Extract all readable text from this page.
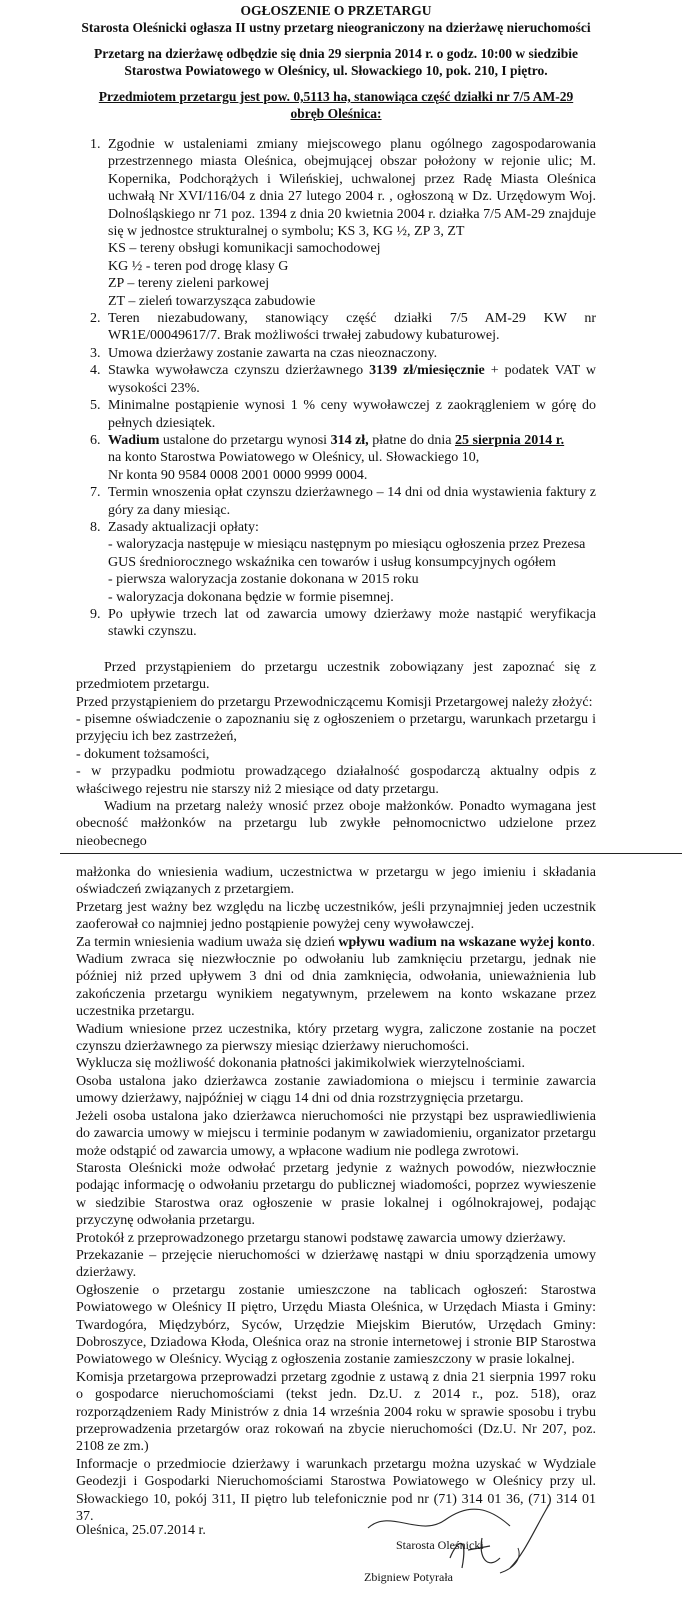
OGŁOSZENIE O PRZETARGU

Starosta Oleśnicki ogłasza II ustny przetarg nieograniczony na dzierżawę nieruchomości

Przetarg na dzierżawę odbędzie się dnia 29 sierpnia 2014 r. o godz. 10:00 w siedzibie

Starostwa Powiatowego w Oleśnicy, ul. Słowackiego 10, pok. 210, I piętro.

Przedmiotem przetargu jest pow. 0,5113 ha, stanowiąca część działki nr 7/5 AM-29

obręb Oleśnica:

1. Zgodnie w ustaleniami zmiany miejscowego planu ogólnego zagospodarowania przestrzennego miasta Oleśnica, obejmującej obszar położony w rejonie ulic; M. Kopernika, Podchorążych i Wileńskiej, uchwalonej przez Radę Miasta Oleśnica uchwałą Nr XVI/116/04 z dnia 27 lutego 2004 r. , ogłoszoną w Dz. Urzędowym Woj. Dolnośląskiego nr 71 poz. 1394 z dnia 20 kwietnia 2004 r. działka 7/5 AM-29 znajduje się w jednostce strukturalnej o symbolu; KS 3, KG ½, ZP 3, ZT
KS – tereny obsługi komunikacji samochodowej
KG ½ - teren pod drogę klasy G
ZP – tereny zieleni parkowej
ZT – zieleń towarzysząca zabudowie
2. Teren niezabudowany, stanowiący część działki 7/5 AM-29 KW nr WR1E/00049617/7. Brak możliwości trwałej zabudowy kubaturowej.
3. Umowa dzierżawy zostanie zawarta na czas nieoznaczony.
4. Stawka wywoławcza czynszu dzierżawnego 3139 zł/miesięcznie + podatek VAT w wysokości 23%.
5. Minimalne postąpienie wynosi 1 % ceny wywoławczej z zaokrągleniem w górę do pełnych dziesiątek.
6. Wadium ustalone do przetargu wynosi 314 zł, płatne do dnia 25 sierpnia 2014 r.
na konto Starostwa Powiatowego w Oleśnicy, ul. Słowackiego 10,
Nr konta 90 9584 0008 2001 0000 9999 0004.
7. Termin wnoszenia opłat czynszu dzierżawnego – 14 dni od dnia wystawienia faktury z góry za dany miesiąc.
8. Zasady aktualizacji opłaty:
- waloryzacja następuje w miesiącu następnym po miesiącu ogłoszenia przez Prezesa GUS średniorocznego wskaźnika cen towarów i usług konsumpcyjnych ogółem
- pierwsza waloryzacja zostanie dokonana w 2015 roku
- waloryzacja dokonana będzie w formie pisemnej.
9. Po upływie trzech lat od zawarcia umowy dzierżawy może nastąpić weryfikacja stawki czynszu.

Przed przystąpieniem do przetargu uczestnik zobowiązany jest zapoznać się z przedmiotem przetargu.

Przed przystąpieniem do przetargu Przewodniczącemu Komisji Przetargowej należy złożyć:

- pisemne oświadczenie o zapoznaniu się z ogłoszeniem o przetargu, warunkach przetargu i przyjęciu ich bez zastrzeżeń,

- dokument tożsamości,

- w przypadku podmiotu prowadzącego działalność gospodarczą aktualny odpis z właściwego rejestru nie starszy niż 2 miesiące od daty przetargu.

Wadium na przetarg należy wnosić przez oboje małżonków. Ponadto wymagana jest obecność małżonków na przetargu lub zwykłe pełnomocnictwo udzielone przez nieobecnego

małżonka do wniesienia wadium, uczestnictwa w przetargu w jego imieniu i składania oświadczeń związanych z przetargiem.

Przetarg jest ważny bez względu na liczbę uczestników, jeśli przynajmniej jeden uczestnik zaoferował co najmniej jedno postąpienie powyżej ceny wywoławczej.

Za termin wniesienia wadium uważa się dzień wpływu wadium na wskazane wyżej konto.

Wadium zwraca się niezwłocznie po odwołaniu lub zamknięciu przetargu, jednak nie później niż przed upływem 3 dni od dnia zamknięcia, odwołania, unieważnienia lub zakończenia przetargu wynikiem negatywnym, przelewem na konto wskazane przez uczestnika przetargu.

Wadium wniesione przez uczestnika, który przetarg wygra, zaliczone zostanie na poczet czynszu dzierżawnego za pierwszy miesiąc dzierżawy nieruchomości.

Wyklucza się możliwość dokonania płatności jakimikolwiek wierzytelnościami.

Osoba ustalona jako dzierżawca zostanie zawiadomiona o miejscu i terminie zawarcia umowy dzierżawy, najpóźniej w ciągu 14 dni od dnia rozstrzygnięcia przetargu.

Jeżeli osoba ustalona jako dzierżawca nieruchomości nie przystąpi bez usprawiedliwienia do zawarcia umowy w miejscu i terminie podanym w zawiadomieniu, organizator przetargu może odstąpić od zawarcia umowy, a wpłacone wadium nie podlega zwrotowi.

Starosta Oleśnicki może odwołać przetarg jedynie z ważnych powodów, niezwłocznie podając informację o odwołaniu przetargu do publicznej wiadomości, poprzez wywieszenie w siedzibie Starostwa oraz ogłoszenie w prasie lokalnej i ogólnokrajowej, podając przyczynę odwołania przetargu.

Protokół z przeprowadzonego przetargu stanowi podstawę zawarcia umowy dzierżawy.

Przekazanie – przejęcie nieruchomości w dzierżawę nastąpi w dniu sporządzenia umowy dzierżawy.

Ogłoszenie o przetargu zostanie umieszczone na tablicach ogłoszeń: Starostwa Powiatowego w Oleśnicy II piętro, Urzędu Miasta Oleśnica, w Urzędach Miasta i Gminy: Twardogóra, Międzybórz, Syców, Urzędzie Miejskim Bierutów, Urzędach Gminy: Dobroszyce, Dziadowa Kłoda, Oleśnica oraz na stronie internetowej i stronie BIP Starostwa Powiatowego w Oleśnicy. Wyciąg z ogłoszenia zostanie zamieszczony w prasie lokalnej.

Komisja przetargowa przeprowadzi przetarg zgodnie z ustawą z dnia 21 sierpnia 1997 roku o gospodarce nieruchomościami (tekst jedn. Dz.U. z 2014 r., poz. 518), oraz rozporządzeniem Rady Ministrów z dnia 14 września 2004 roku w sprawie sposobu i trybu przeprowadzenia przetargów oraz rokowań na zbycie nieruchomości (Dz.U. Nr 207, poz. 2108 ze zm.)

Informacje o przedmiocie dzierżawy i warunkach przetargu można uzyskać w Wydziale Geodezji i Gospodarki Nieruchomościami Starostwa Powiatowego w Oleśnicy przy ul. Słowackiego 10, pokój 311, II piętro lub telefonicznie pod nr (71) 314 01 36, (71) 314 01 37.

Oleśnica, 25.07.2014 r.
Starosta Oleśnicki
Zbigniew Potyrała
